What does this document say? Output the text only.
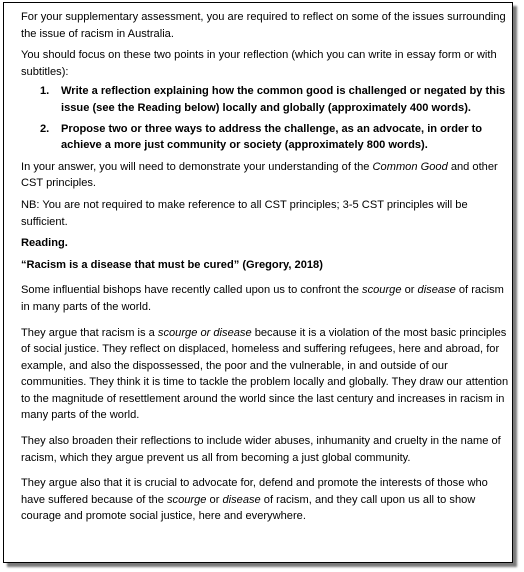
For your supplementary assessment, you are required to reflect on some of the issues surrounding the issue of racism in Australia.

You should focus on these two points in your reflection (which you can write in essay form or with subtitles):

1. Write a reflection explaining how the common good is challenged or negated by this issue (see the Reading below) locally and globally (approximately 400 words).
2. Propose two or three ways to address the challenge, as an advocate, in order to achieve a more just community or society (approximately 800 words).

In your answer, you will need to demonstrate your understanding of the Common Good and other CST principles.

NB: You are not required to make reference to all CST principles; 3-5 CST principles will be sufficient.

Reading.

“Racism is a disease that must be cured” (Gregory, 2018)

Some influential bishops have recently called upon us to confront the scourge or disease of racism in many parts of the world.

They argue that racism is a scourge or disease because it is a violation of the most basic principles of social justice. They reflect on displaced, homeless and suffering refugees, here and abroad, for example, and also the dispossessed, the poor and the vulnerable, in and outside of our communities. They think it is time to tackle the problem locally and globally. They draw our attention to the magnitude of resettlement around the world since the last century and increases in racism in many parts of the world.

They also broaden their reflections to include wider abuses, inhumanity and cruelty in the name of racism, which they argue prevent us all from becoming a just global community.

They argue also that it is crucial to advocate for, defend and promote the interests of those who have suffered because of the scourge or disease of racism, and they call upon us all to show courage and promote social justice, here and everywhere.
